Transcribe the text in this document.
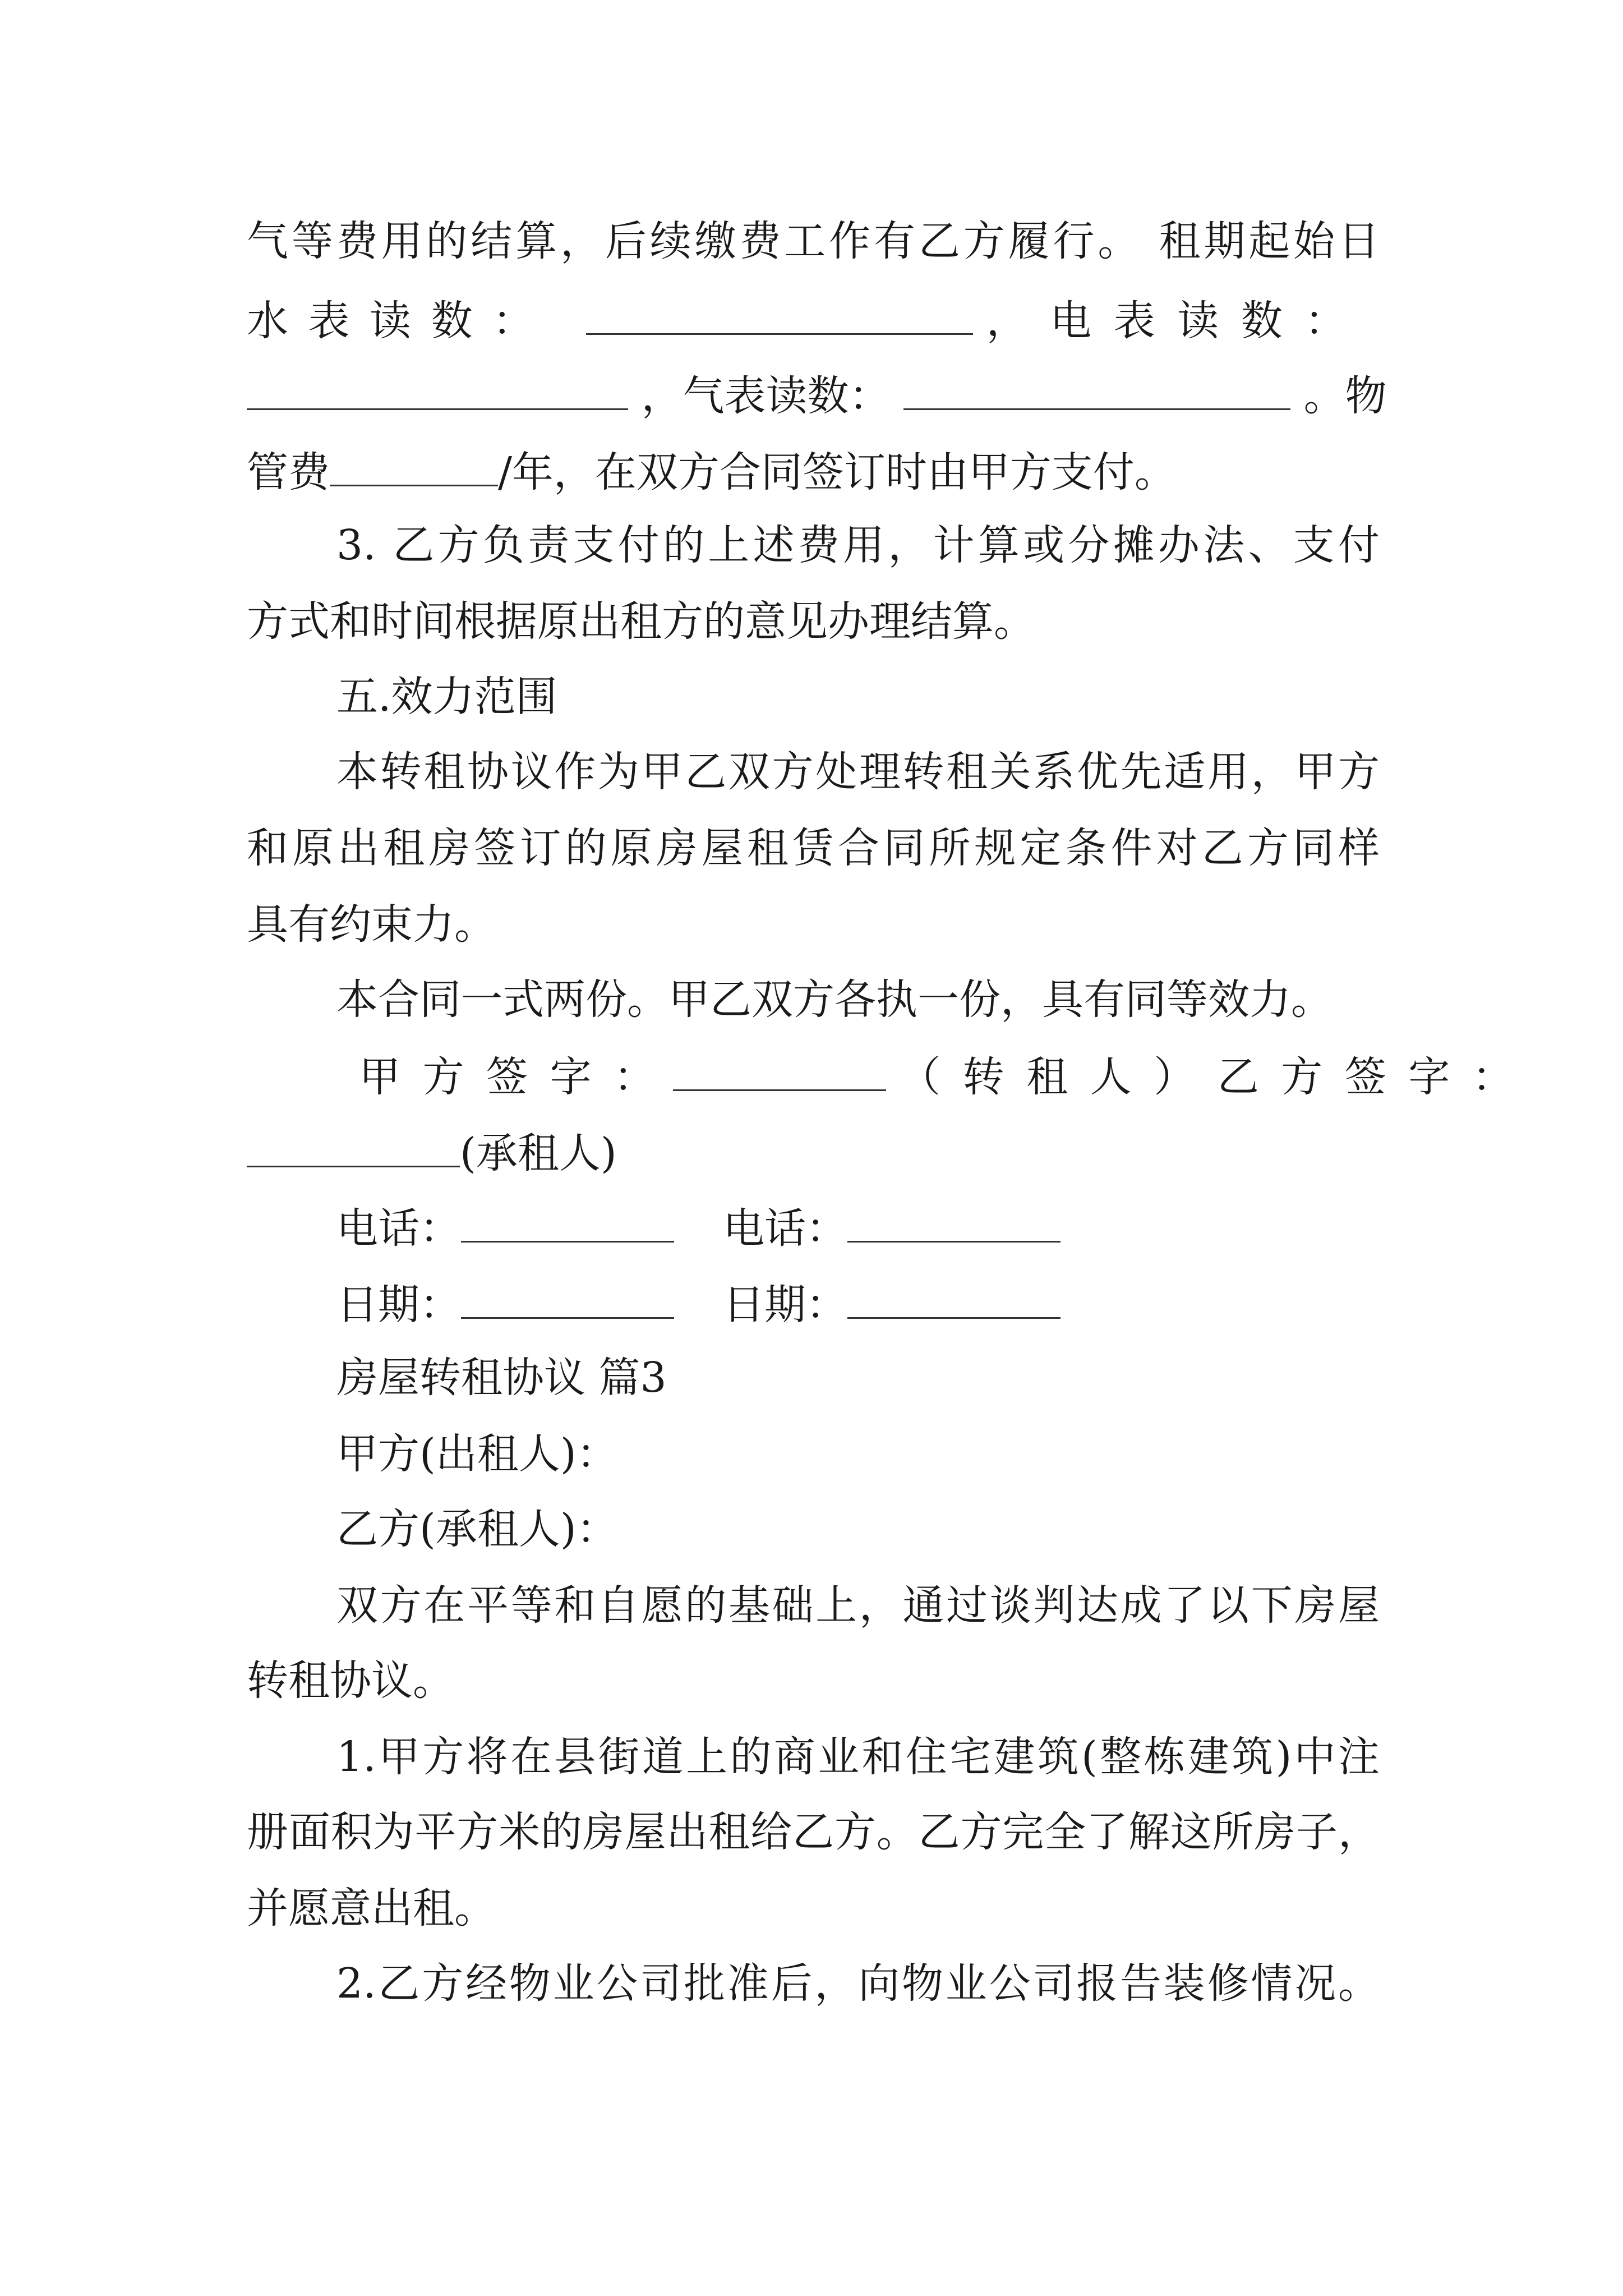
气等费用的结算，后续缴费工作有乙方履行。 租期起始日
水 表 读 数 ：	， 电 表 读 数 ：
，气表读数：	。物
管费	/年，在双方合同签订时由甲方支付。
3. 乙方负责支付的上述费用，计算或分摊办法、支付
方式和时间根据原出租方的意见办理结算。
五.效力范围
本转租协议作为甲乙双方处理转租关系优先适用，甲方
和原出租房签订的原房屋租赁合同所规定条件对乙方同样
具有约束力。
本合同一式两份。甲乙双方各执一份，具有同等效力。
甲 方 签 字 ：	（ 转 租 人 ） 乙 方 签 字 ：
(承租人)
电话：	电话：
日期：	日期：
房屋转租协议 篇3
甲方(出租人)：
乙方(承租人)：
双方在平等和自愿的基础上，通过谈判达成了以下房屋
转租协议。
1.甲方将在县街道上的商业和住宅建筑(整栋建筑)中注
册面积为平方米的房屋出租给乙方。乙方完全了解这所房子，
并愿意出租。
2.乙方经物业公司批准后，向物业公司报告装修情况。
